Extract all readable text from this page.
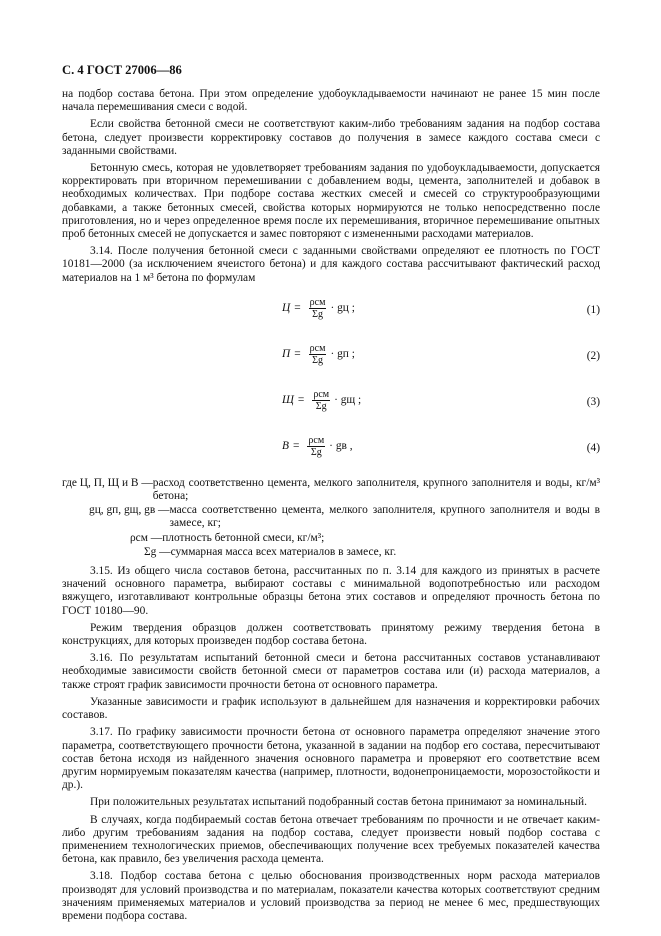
С. 4 ГОСТ 27006—86

на подбор состава бетона. При этом определение удобоукладываемости начинают не ранее 15 мин после начала перемешивания смеси с водой.

Если свойства бетонной смеси не соответствуют каким-либо требованиям задания на подбор состава бетона, следует произвести корректировку составов до получения в замесе каждого состава смеси с заданными свойствами.

Бетонную смесь, которая не удовлетворяет требованиям задания по удобоукладываемости, допускается корректировать при вторичном перемешивании с добавлением воды, цемента, заполнителей и добавок в необходимых количествах. При подборе состава жестких смесей и смесей со структурообразующими добавками, а также бетонных смесей, свойства которых нормируются не только непосредственно после приготовления, но и через определенное время после их перемешивания, вторичное перемешивание опытных проб бетонных смесей не допускается и замес повторяют с измененными расходами материалов.

3.14. После получения бетонной смеси с заданными свойствами определяют ее плотность по ГОСТ 10181—2000 (за исключением ячеистого бетона) и для каждого состава рассчитывают фактический расход материалов на 1 м³ бетона по формулам

$Ц = \frac{\text{ρсм}}{\Sigma g}$ · gц ;	(1)
$П = \frac{\text{ρсм}}{\Sigma g}$ · gп ;	(2)
$Щ = \frac{\text{ρсм}}{\Sigma g}$ · gщ ;	(3)
$В = \frac{\text{ρсм}}{\Sigma g}$ · gв ,	(4)
где Ц, П, Щ и В — расход соответственно цемента, мелкого заполнителя, крупного заполнителя и воды, кг/м³ бетона;
gц, gп, gщ, gв — масса соответственно цемента, мелкого заполнителя, крупного заполнителя и воды в замесе, кг;
ρсм — плотность бетонной смеси, кг/м³;
Σg — суммарная масса всех материалов в замесе, кг.

3.15. Из общего числа составов бетона, рассчитанных по п. 3.14 для каждого из принятых в расчете значений основного параметра, выбирают составы с минимальной водопотребностью или расходом вяжущего, изготавливают контрольные образцы бетона этих составов и определяют прочность бетона по ГОСТ 10180—90.

Режим твердения образцов должен соответствовать принятому режиму твердения бетона в конструкциях, для которых произведен подбор состава бетона.

3.16. По результатам испытаний бетонной смеси и бетона рассчитанных составов устанавливают необходимые зависимости свойств бетонной смеси от параметров состава или (и) расхода материалов, а также строят график зависимости прочности бетона от основного параметра.

Указанные зависимости и график используют в дальнейшем для назначения и корректировки рабочих составов.

3.17. По графику зависимости прочности бетона от основного параметра определяют значение этого параметра, соответствующего прочности бетона, указанной в задании на подбор его состава, пересчитывают состав бетона исходя из найденного значения основного параметра и проверяют его соответствие всем другим нормируемым показателям качества (например, плотности, водонепроницаемости, морозостойкости и др.).

При положительных результатах испытаний подобранный состав бетона принимают за номинальный.

В случаях, когда подбираемый состав бетона отвечает требованиям по прочности и не отвечает каким-либо другим требованиям задания на подбор состава, следует произвести новый подбор состава с применением технологических приемов, обеспечивающих получение всех требуемых показателей качества бетона, как правило, без увеличения расхода цемента.

3.18. Подбор состава бетона с целью обоснования производственных норм расхода материалов производят для условий производства и по материалам, показатели качества которых соответствуют средним значениям применяемых материалов и условий производства за период не менее 6 мес, предшествующих времени подбора состава.
